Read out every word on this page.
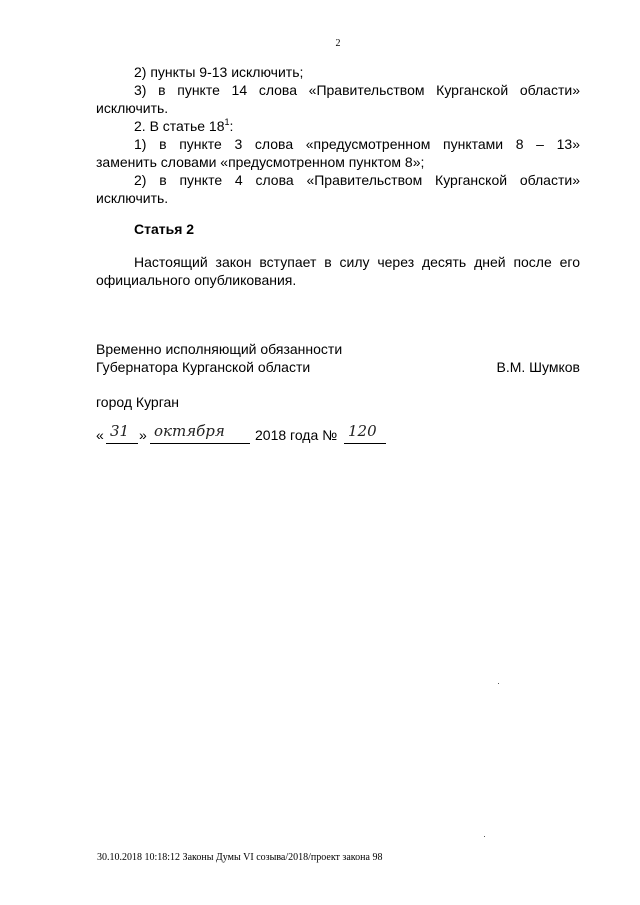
2
2) пункты 9-13 исключить;
3) в пункте 14 слова «Правительством Курганской области»
исключить.
2. В статье $18^1$:
1) в пункте 3 слова «предусмотренном пунктами 8 – 13»
заменить словами «предусмотренном пунктом 8»;
2) в пункте 4 слова «Правительством Курганской области»
исключить.
Статья 2
Настоящий закон вступает в силу через десять дней после его
официального опубликования.
Временно исполняющий обязанности
Губернатора Курганской области	В.М. Шумков
город Курган
« 31 » октября 2018 года № 120
30.10.2018 10:18:12 Законы Думы VI созыва/2018/проект закона 98
